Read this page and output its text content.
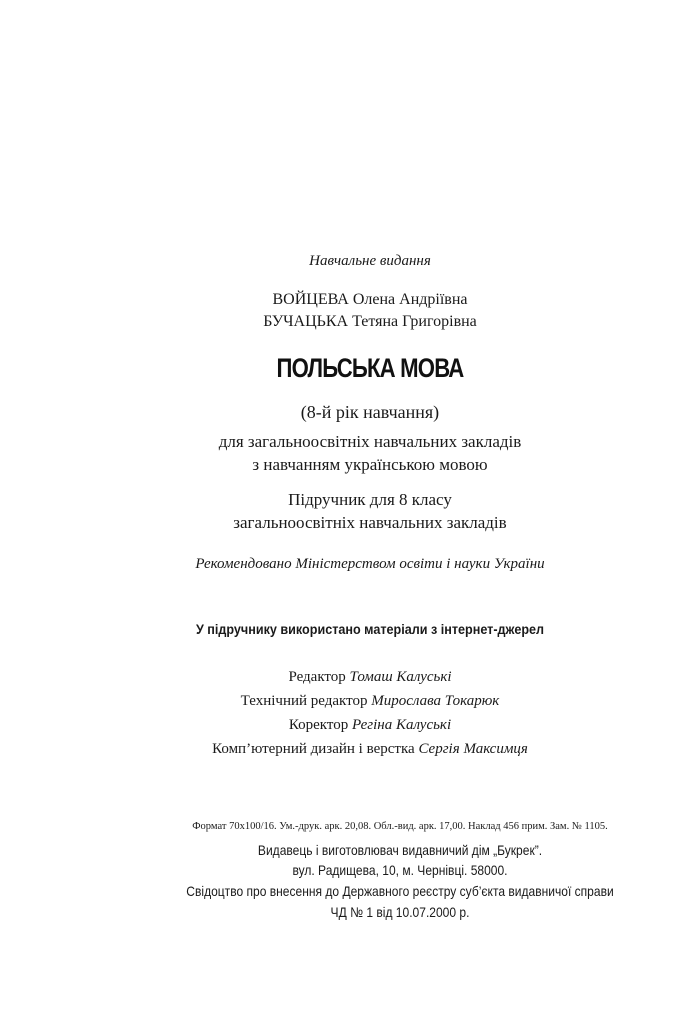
Навчальне видання
ВОЙЦЕВА Олена Андріївна
БУЧАЦЬКА Тетяна Григорівна
ПОЛЬСЬКА МОВА
(8-й рік навчання)
для загальноосвітніх навчальних закладів
з навчанням українською мовою
Підручник для 8 класу
загальноосвітніх навчальних закладів
Рекомендовано Міністерством освіти і науки України
У підручнику використано матеріали з інтернет-джерел
Редактор Томаш Калуські
Технічний редактор Мирослава Токарюк
Коректор Регіна Калуські
Комп’ютерний дизайн і верстка Сергія Максимця
Формат 70х100/16. Ум.-друк. арк. 20,08. Обл.-вид. арк. 17,00. Наклад 456 прим. Зам. № 1105.
Видавець і виготовлювач видавничий дім „Букрек”.
вул. Радищева, 10, м. Чернівці. 58000.
Свідоцтво про внесення до Державного реєстру суб’єкта видавничої справи
ЧД № 1 від 10.07.2000 р.
